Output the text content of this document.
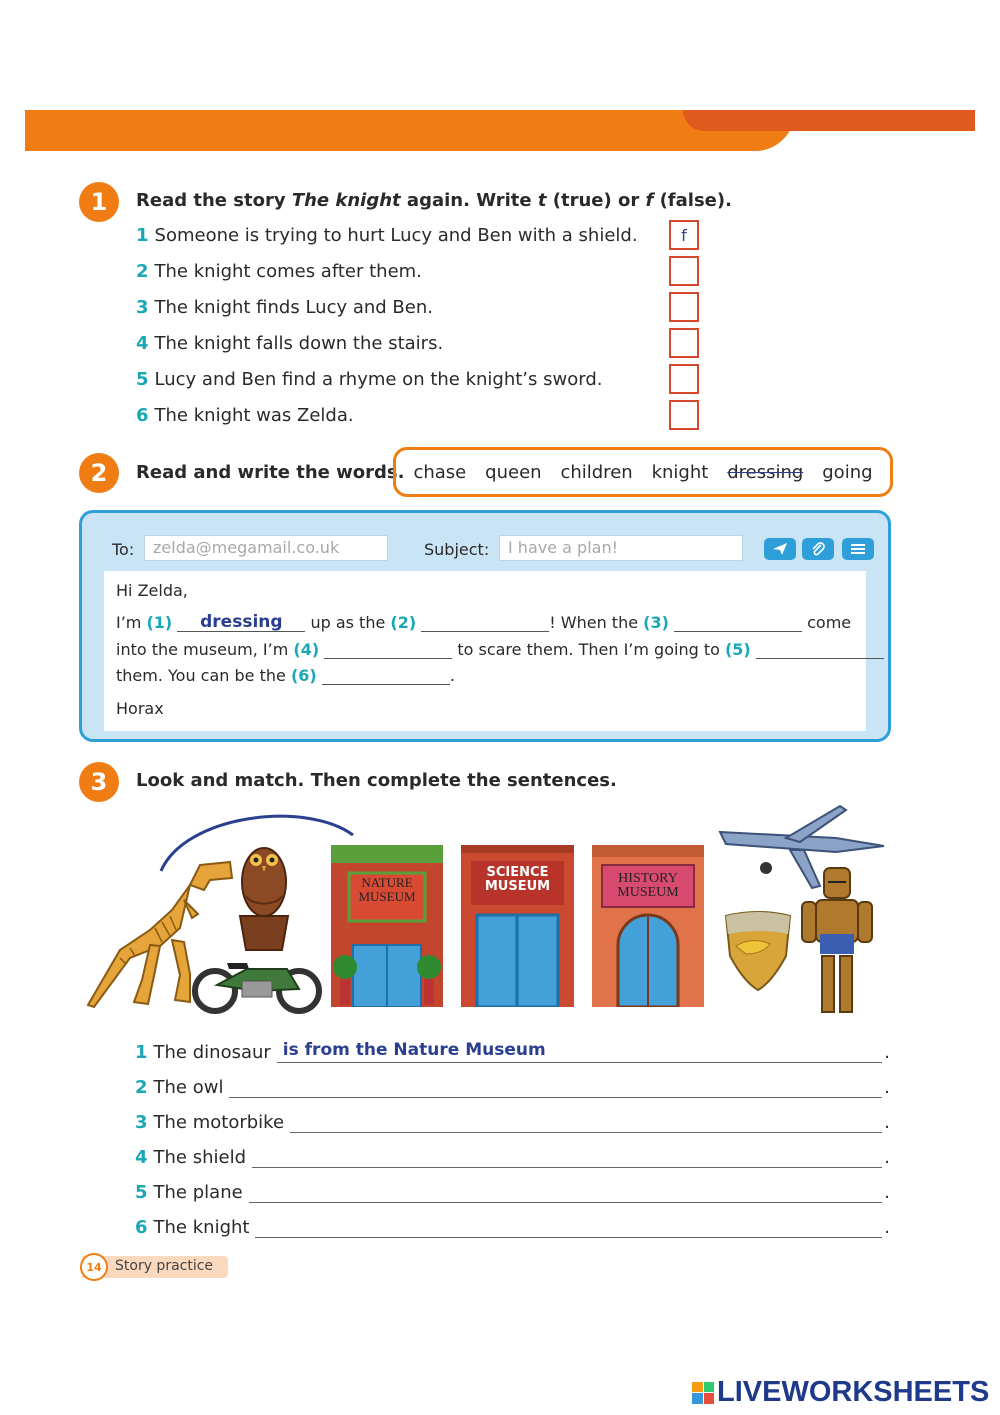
1	Read the story The knight again. Write t (true) or f (false).
1 Someone is trying to hurt Lucy and Ben with a shield.	f
2 The knight comes after them.
3 The knight finds Lucy and Ben.
4 The knight falls down the stairs.
5 Lucy and Ben find a rhyme on the knight’s sword.
6 The knight was Zelda.
2	Read and write the words. chase queen children knight dressing going
To:	zelda@megamail.co.uk	Subject:	I have a plan!
Hi Zelda,
I’m (1) dressing up as the (2)	! When the (3)	come
into the museum, I’m (4)	to scare them. Then I’m going to (5)
them. You can be the (6)	.
Horax
3	Look and match. Then complete the sentences.
NATURE MUSEUM
SCIENCE MUSEUM
HISTORY MUSEUM
1 The dinosaur is from the Nature Museum	.
2 The owl	.
3 The motorbike	.
4 The shield	.
5 The plane	.
6 The knight	.
14 Story practice
LIVEWORKSHEETS
